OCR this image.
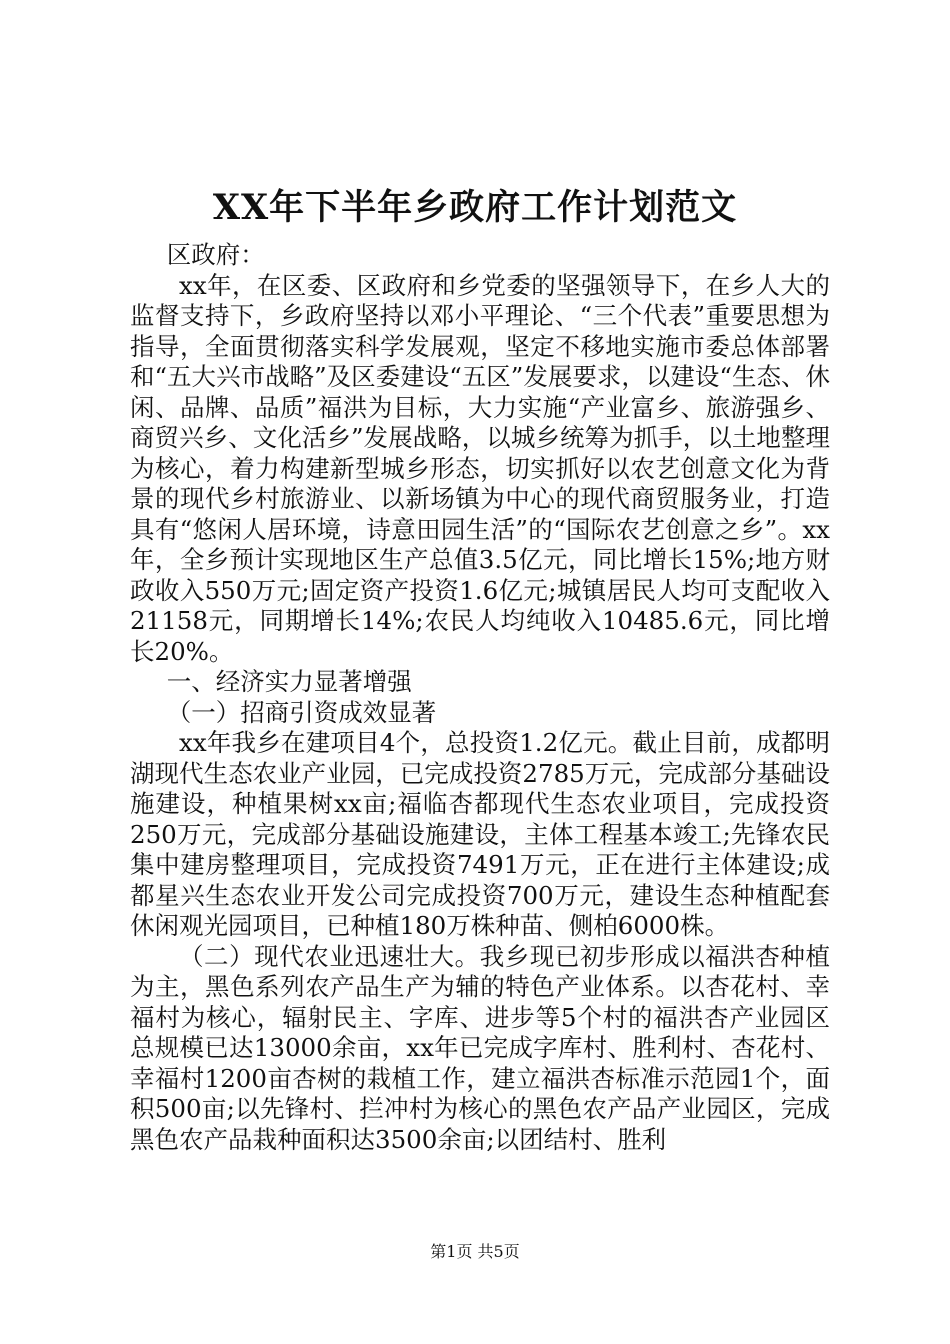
XX年下半年乡政府工作计划范文

区政府：

xx年，在区委、区政府和乡党委的坚强领导下，在乡人大的监督支持下，乡政府坚持以邓小平理论、“三个代表”重要思想为指导，全面贯彻落实科学发展观，坚定不移地实施市委总体部署和“五大兴市战略”及区委建设“五区”发展要求，以建设“生态、休闲、品牌、品质”福洪为目标，大力实施“产业富乡、旅游强乡、商贸兴乡、文化活乡”发展战略，以城乡统筹为抓手，以土地整理为核心，着力构建新型城乡形态，切实抓好以农艺创意文化为背景的现代乡村旅游业、以新场镇为中心的现代商贸服务业，打造具有“悠闲人居环境，诗意田园生活”的“国际农艺创意之乡”。xx年，全乡预计实现地区生产总值3.5亿元，同比增长15%;地方财政收入550万元;固定资产投资1.6亿元;城镇居民人均可支配收入21158元，同期增长14%;农民人均纯收入10485.6元，同比增长20%。

一、经济实力显著增强

（一）招商引资成效显著

xx年我乡在建项目4个，总投资1.2亿元。截止目前，成都明湖现代生态农业产业园，已完成投资2785万元，完成部分基础设施建设，种植果树xx亩;福临杏都现代生态农业项目，完成投资250万元，完成部分基础设施建设，主体工程基本竣工;先锋农民集中建房整理项目，完成投资7491万元，正在进行主体建设;成都星兴生态农业开发公司完成投资700万元，建设生态种植配套休闲观光园项目，已种植180万株种苗、侧柏6000株。

（二）现代农业迅速壮大。我乡现已初步形成以福洪杏种植为主，黑色系列农产品生产为辅的特色产业体系。以杏花村、幸福村为核心，辐射民主、字库、进步等5个村的福洪杏产业园区总规模已达13000余亩，xx年已完成字库村、胜利村、杏花村、幸福村1200亩杏树的栽植工作，建立福洪杏标准示范园1个，面积500亩;以先锋村、拦冲村为核心的黑色农产品产业园区，完成黑色农产品栽种面积达3500余亩;以团结村、胜利

第1页 共5页
